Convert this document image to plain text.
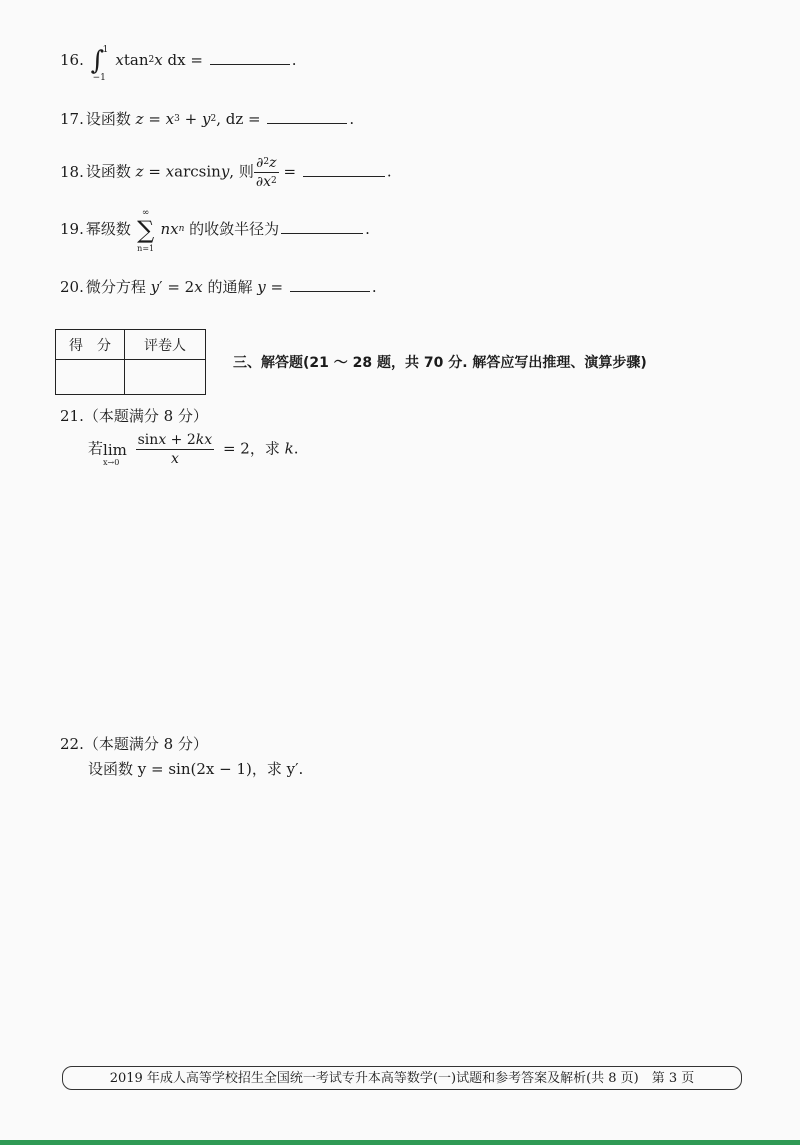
16. ∫
1
−1
xtan$^2$x dx =	.
17. 设函数 $z = x^3 + y^2$, dz =	.
18. 设函数 z = xarcsiny, 则 $\frac{\partial^2z}{\partial x^2}$ =	.
19. 幂级数
∞
∑
n=1
$nx^n$ 的收敛半径为	.
20. 微分方程 y′ = 2x 的通解 y =	.
得　分	评卷人

三、解答题(21 ～ 28 题，共 70 分. 解答应写出推理、演算步骤)
21.（本题满分 8 分）
若 lim
x→0
$\frac{\sin x + 2kx}{x} = 2$，求 k.
22.（本题满分 8 分）
设函数 y = sin(2x − 1)，求 y′.
2019 年成人高等学校招生全国统一考试专升本高等数学(一)试题和参考答案及解析(共 8 页)　第 3 页
